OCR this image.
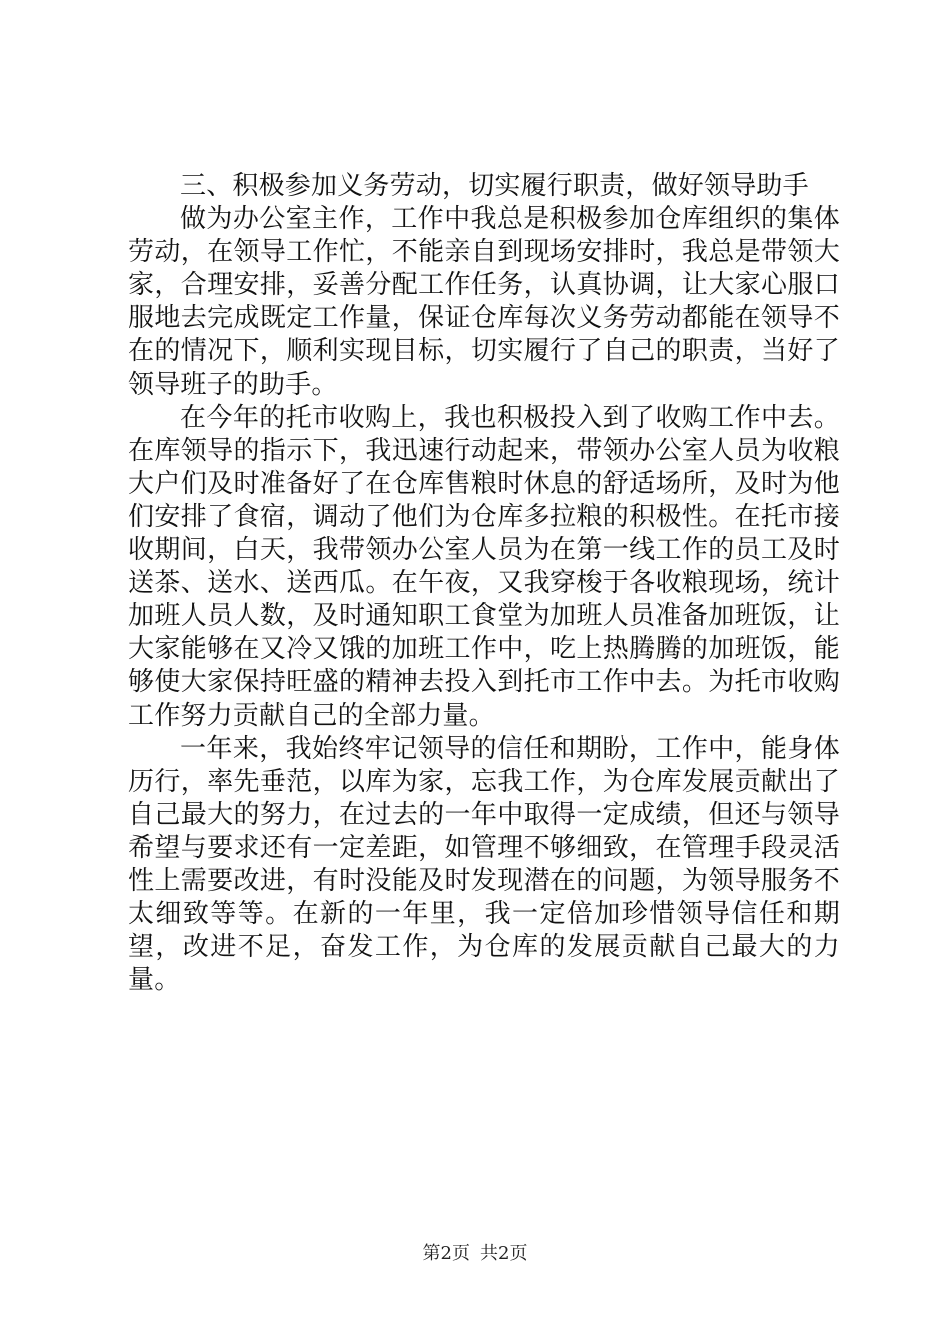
三、积极参加义务劳动，切实履行职责，做好领导助手

做为办公室主作，工作中我总是积极参加仓库组织的集体劳动，在领导工作忙，不能亲自到现场安排时，我总是带领大家，合理安排，妥善分配工作任务，认真协调，让大家心服口服地去完成既定工作量，保证仓库每次义务劳动都能在领导不在的情况下，顺利实现目标，切实履行了自己的职责，当好了领导班子的助手。

在今年的托市收购上，我也积极投入到了收购工作中去。在库领导的指示下，我迅速行动起来，带领办公室人员为收粮大户们及时准备好了在仓库售粮时休息的舒适场所，及时为他们安排了食宿，调动了他们为仓库多拉粮的积极性。在托市接收期间，白天，我带领办公室人员为在第一线工作的员工及时送茶、送水、送西瓜。在午夜，又我穿梭于各收粮现场，统计加班人员人数，及时通知职工食堂为加班人员准备加班饭，让大家能够在又冷又饿的加班工作中，吃上热腾腾的加班饭，能够使大家保持旺盛的精神去投入到托市工作中去。为托市收购工作努力贡献自己的全部力量。

一年来，我始终牢记领导的信任和期盼，工作中，能身体历行，率先垂范，以库为家，忘我工作，为仓库发展贡献出了自己最大的努力，在过去的一年中取得一定成绩，但还与领导希望与要求还有一定差距，如管理不够细致，在管理手段灵活性上需要改进，有时没能及时发现潜在的问题，为领导服务不太细致等等。在新的一年里，我一定倍加珍惜领导信任和期望，改进不足，奋发工作，为仓库的发展贡献自己最大的力量。

第2页 共2页
